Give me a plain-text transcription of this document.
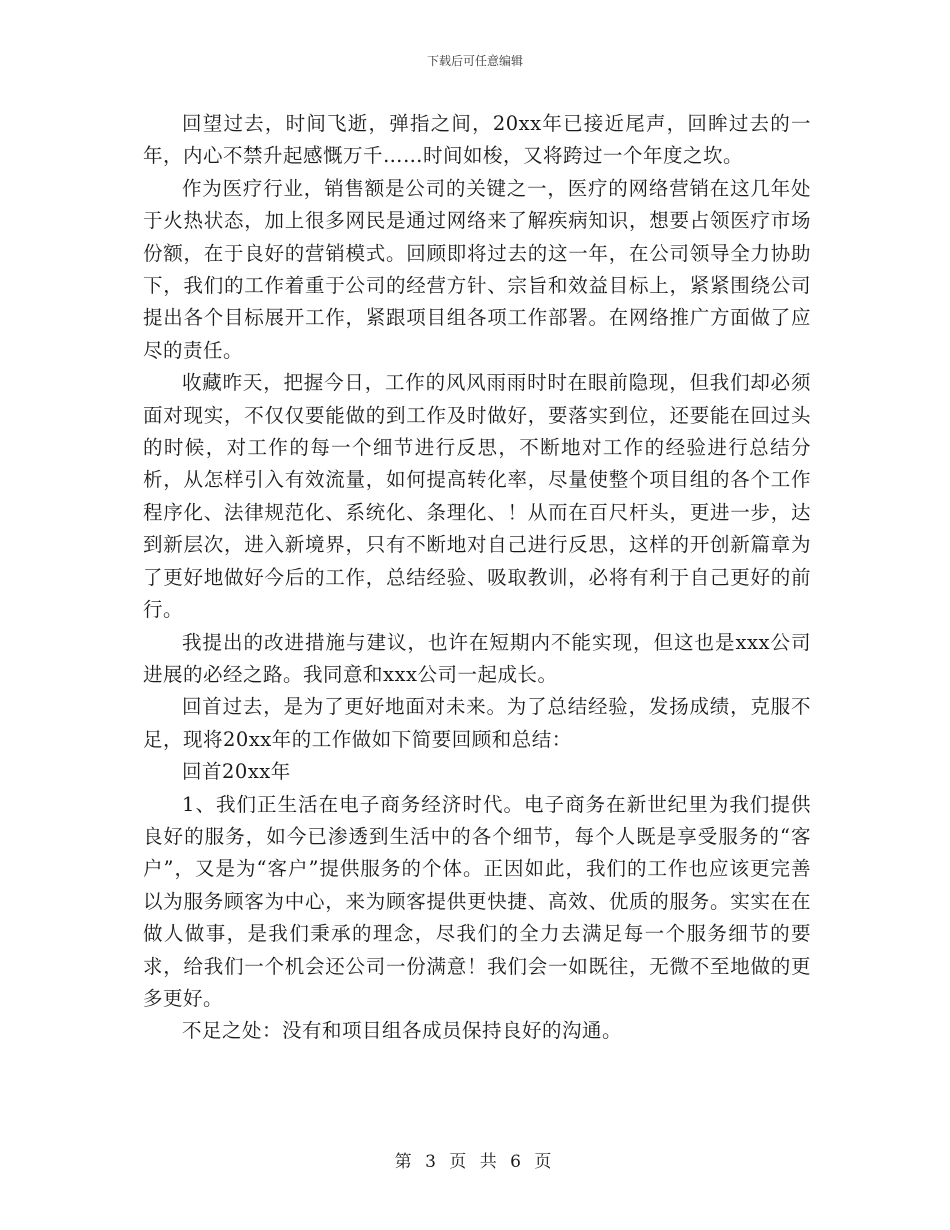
下载后可任意编辑

回望过去，时间飞逝，弹指之间，20xx年已接近尾声，回眸过去的一年，内心不禁升起感慨万千……时间如梭，又将跨过一个年度之坎。

作为医疗行业，销售额是公司的关键之一，医疗的网络营销在这几年处于火热状态，加上很多网民是通过网络来了解疾病知识，想要占领医疗市场份额，在于良好的营销模式。回顾即将过去的这一年，在公司领导全力协助下，我们的工作着重于公司的经营方针、宗旨和效益目标上，紧紧围绕公司提出各个目标展开工作，紧跟项目组各项工作部署。在网络推广方面做了应尽的责任。

收藏昨天，把握今日，工作的风风雨雨时时在眼前隐现，但我们却必须面对现实，不仅仅要能做的到工作及时做好，要落实到位，还要能在回过头的时候，对工作的每一个细节进行反思，不断地对工作的经验进行总结分析，从怎样引入有效流量，如何提高转化率，尽量使整个项目组的各个工作程序化、法律规范化、系统化、条理化、！从而在百尺杆头，更进一步，达到新层次，进入新境界，只有不断地对自己进行反思，这样的开创新篇章为了更好地做好今后的工作，总结经验、吸取教训，必将有利于自己更好的前行。

我提出的改进措施与建议，也许在短期内不能实现，但这也是xxx公司进展的必经之路。我同意和xxx公司一起成长。

回首过去，是为了更好地面对未来。为了总结经验，发扬成绩，克服不足，现将20xx年的工作做如下简要回顾和总结：

回首20xx年

1、我们正生活在电子商务经济时代。电子商务在新世纪里为我们提供良好的服务，如今已渗透到生活中的各个细节，每个人既是享受服务的“客户”，又是为“客户”提供服务的个体。正因如此，我们的工作也应该更完善以为服务顾客为中心，来为顾客提供更快捷、高效、优质的服务。实实在在做人做事，是我们秉承的理念，尽我们的全力去满足每一个服务细节的要求，给我们一个机会还公司一份满意！我们会一如既往，无微不至地做的更多更好。

不足之处：没有和项目组各成员保持良好的沟通。

第 3 页 共 6 页
